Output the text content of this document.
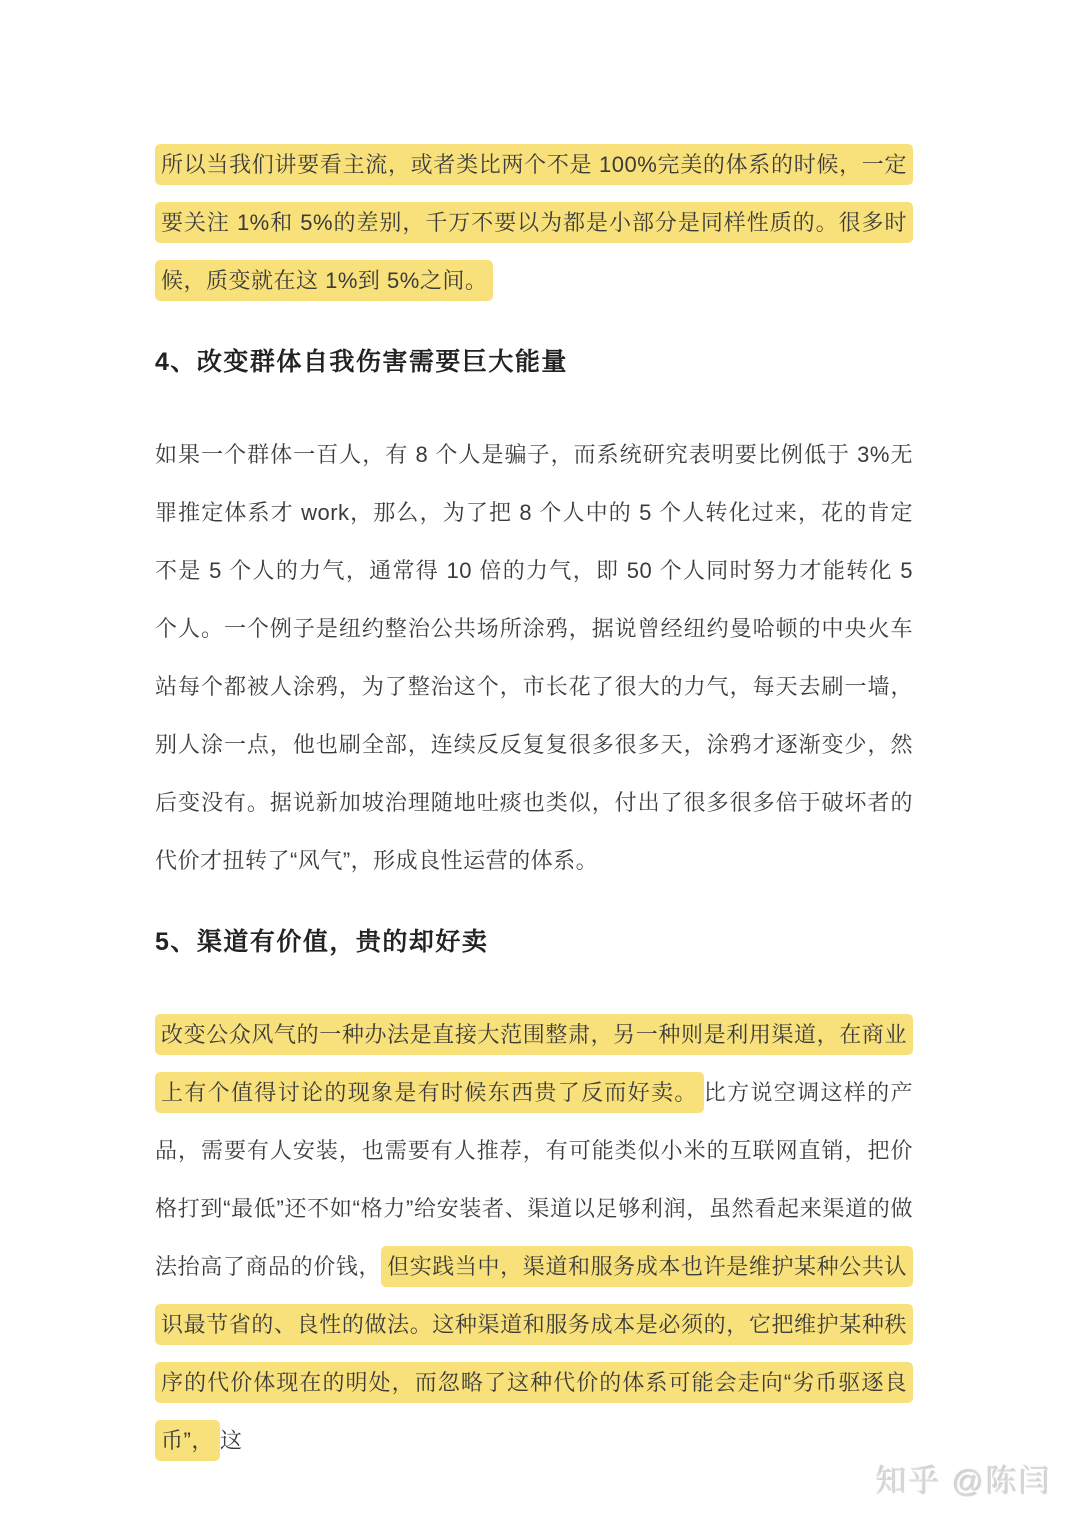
所以当我们讲要看主流，或者类比两个不是 100%完美的体系的时候，一定要关注 1%和 5%的差别，千万不要以为都是小部分是同样性质的。很多时候，质变就在这 1%到 5%之间。

4、改变群体自我伤害需要巨大能量

如果一个群体一百人，有 8 个人是骗子，而系统研究表明要比例低于 3%无罪推定体系才 work，那么，为了把 8 个人中的 5 个人转化过来，花的肯定不是 5 个人的力气，通常得 10 倍的力气，即 50 个人同时努力才能转化 5 个人。一个例子是纽约整治公共场所涂鸦，据说曾经纽约曼哈顿的中央火车站每个都被人涂鸦，为了整治这个，市长花了很大的力气，每天去刷一墙，别人涂一点，他也刷全部，连续反反复复很多很多天，涂鸦才逐渐变少，然后变没有。据说新加坡治理随地吐痰也类似，付出了很多很多倍于破坏者的代价才扭转了“风气”，形成良性运营的体系。

5、渠道有价值，贵的却好卖

改变公众风气的一种办法是直接大范围整肃，另一种则是利用渠道，在商业上有个值得讨论的现象是有时候东西贵了反而好卖。 比方说空调这样的产品，需要有人安装，也需要有人推荐，有可能类似小米的互联网直销，把价格打到“最低”还不如“格力”给安装者、渠道以足够利润，虽然看起来渠道的做法抬高了商品的价钱， 但实践当中，渠道和服务成本也许是维护某种公共认识最节省的、良性的做法。这种渠道和服务成本是必须的，它把维护某种秩序的代价体现在的明处，而忽略了这种代价的体系可能会走向“劣币驱逐良币”， 这

知乎 @陈闫
